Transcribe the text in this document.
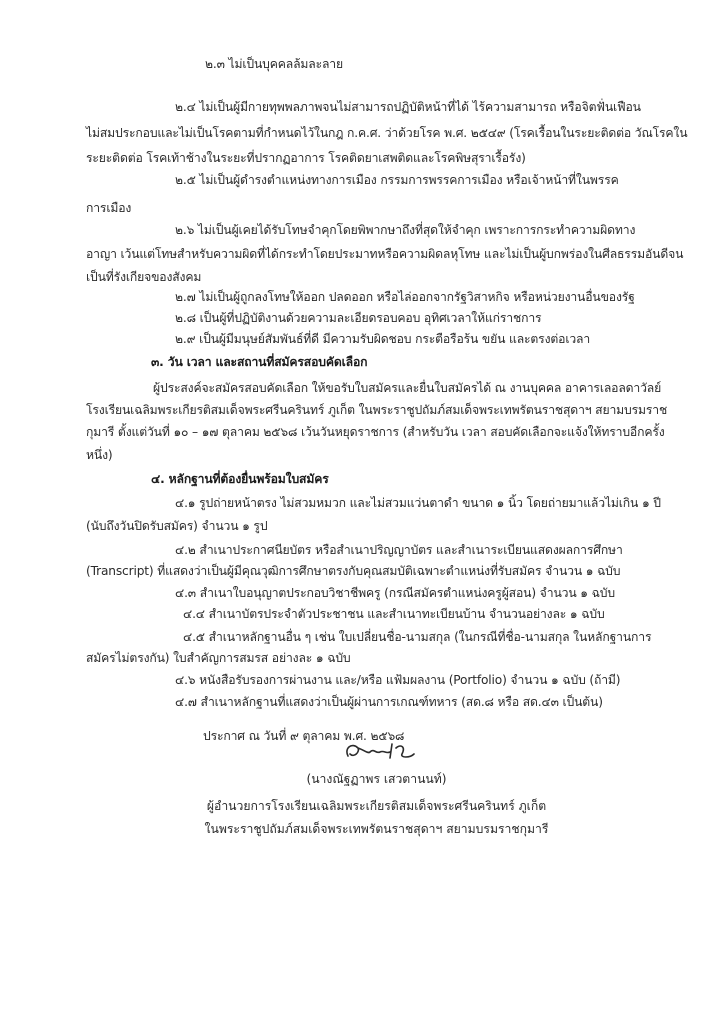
๒.๓ ไม่เป็นบุคคลล้มละลาย
๒.๔ ไม่เป็นผู้มีกายทุพพลภาพจนไม่สามารถปฏิบัติหน้าที่ได้ ไร้ความสามารถ หรือจิตฟั่นเฟือน
ไม่สมประกอบและไม่เป็นโรคตามที่กำหนดไว้ในกฎ ก.ค.ศ. ว่าด้วยโรค พ.ศ. ๒๕๔๙ (โรคเรื้อนในระยะติดต่อ วัณโรคใน
ระยะติดต่อ โรคเท้าช้างในระยะที่ปรากฏอาการ โรคติดยาเสพติดและโรคพิษสุราเรื้อรัง)
๒.๕ ไม่เป็นผู้ดำรงตำแหน่งทางการเมือง กรรมการพรรคการเมือง หรือเจ้าหน้าที่ในพรรค
การเมือง
๒.๖ ไม่เป็นผู้เคยได้รับโทษจำคุกโดยพิพากษาถึงที่สุดให้จำคุก เพราะการกระทำความผิดทาง
อาญา เว้นแต่โทษสำหรับความผิดที่ได้กระทำโดยประมาทหรือความผิดลหุโทษ และไม่เป็นผู้บกพร่องในศีลธรรมอันดีจน
เป็นที่รังเกียจของสังคม
๒.๗ ไม่เป็นผู้ถูกลงโทษให้ออก ปลดออก หรือไล่ออกจากรัฐวิสาหกิจ หรือหน่วยงานอื่นของรัฐ
๒.๘ เป็นผู้ที่ปฏิบัติงานด้วยความละเอียดรอบคอบ อุทิศเวลาให้แก่ราชการ
๒.๙ เป็นผู้มีมนุษย์สัมพันธ์ที่ดี มีความรับผิดชอบ กระตือรือร้น ขยัน และตรงต่อเวลา
๓. วัน เวลา และสถานที่สมัครสอบคัดเลือก
ผู้ประสงค์จะสมัครสอบคัดเลือก ให้ขอรับใบสมัครและยื่นใบสมัครได้ ณ งานบุคคล อาคารเลอลดาวัลย์
โรงเรียนเฉลิมพระเกียรติสมเด็จพระศรีนครินทร์ ภูเก็ต ในพระราชูปถัมภ์สมเด็จพระเทพรัตนราชสุดาฯ สยามบรมราช
กุมารี ตั้งแต่วันที่ ๑๐ – ๑๗ ตุลาคม ๒๕๖๘ เว้นวันหยุดราชการ (สำหรับวัน เวลา สอบคัดเลือกจะแจ้งให้ทราบอีกครั้ง
หนึ่ง)
๔. หลักฐานที่ต้องยื่นพร้อมใบสมัคร
๔.๑ รูปถ่ายหน้าตรง ไม่สวมหมวก และไม่สวมแว่นตาดำ ขนาด ๑ นิ้ว โดยถ่ายมาแล้วไม่เกิน ๑ ปี
(นับถึงวันปิดรับสมัคร) จำนวน ๑ รูป
๔.๒ สำเนาประกาศนียบัตร หรือสำเนาปริญญาบัตร และสำเนาระเบียนแสดงผลการศึกษา
(Transcript) ที่แสดงว่าเป็นผู้มีคุณวุฒิการศึกษาตรงกับคุณสมบัติเฉพาะตำแหน่งที่รับสมัคร จำนวน ๑ ฉบับ
๔.๓ สำเนาใบอนุญาตประกอบวิชาชีพครู (กรณีสมัครตำแหน่งครูผู้สอน) จำนวน ๑ ฉบับ
๔.๔ สำเนาบัตรประจำตัวประชาชน และสำเนาทะเบียนบ้าน จำนวนอย่างละ ๑ ฉบับ
๔.๕ สำเนาหลักฐานอื่น ๆ เช่น ใบเปลี่ยนชื่อ-นามสกุล (ในกรณีที่ชื่อ-นามสกุล ในหลักฐานการ
สมัครไม่ตรงกัน) ใบสำคัญการสมรส อย่างละ ๑ ฉบับ
๔.๖ หนังสือรับรองการผ่านงาน และ/หรือ แฟ้มผลงาน (Portfolio) จำนวน ๑ ฉบับ (ถ้ามี)
๔.๗ สำเนาหลักฐานที่แสดงว่าเป็นผู้ผ่านการเกณฑ์ทหาร (สด.๘ หรือ สด.๔๓ เป็นต้น)
ประกาศ ณ วันที่ ๙ ตุลาคม พ.ศ. ๒๕๖๘
(นางณัฐฏาพร เสวตานนท์)
ผู้อำนวยการโรงเรียนเฉลิมพระเกียรติสมเด็จพระศรีนครินทร์ ภูเก็ต
ในพระราชูปถัมภ์สมเด็จพระเทพรัตนราชสุดาฯ สยามบรมราชกุมารี
